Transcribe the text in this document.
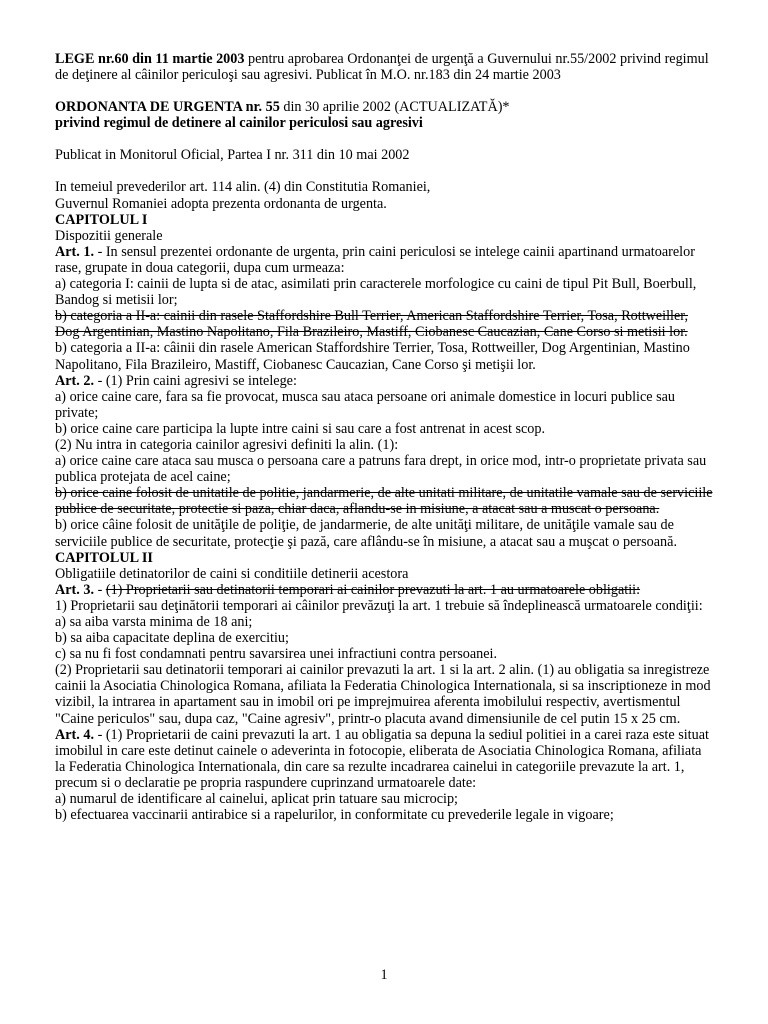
LEGE nr.60 din 11 martie 2003 pentru aprobarea Ordonanţei de urgenţă a Guvernului nr.55/2002 privind regimul de deţinere al câinilor periculoşi sau agresivi. Publicat în M.O. nr.183 din 24 martie 2003

ORDONANTA DE URGENTA nr. 55 din 30 aprilie 2002 (ACTUALIZATĂ)*

privind regimul de detinere al cainilor periculosi sau agresivi

Publicat in Monitorul Oficial, Partea I nr. 311 din 10 mai 2002

In temeiul prevederilor art. 114 alin. (4) din Constitutia Romaniei,

Guvernul Romaniei adopta prezenta ordonanta de urgenta.

CAPITOLUL I

Dispozitii generale

Art. 1. - In sensul prezentei ordonante de urgenta, prin caini periculosi se intelege cainii apartinand urmatoarelor rase, grupate in doua categorii, dupa cum urmeaza:

a) categoria I: cainii de lupta si de atac, asimilati prin caracterele morfologice cu caini de tipul Pit Bull, Boerbull, Bandog si metisii lor;

b) categoria a II-a: cainii din rasele Staffordshire Bull Terrier, American Staffordshire Terrier, Tosa, Rottweiller, Dog Argentinian, Mastino Napolitano, Fila Brazileiro, Mastiff, Ciobanesc Caucazian, Cane Corso si metisii lor.

b) categoria a II-a: câinii din rasele American Staffordshire Terrier, Tosa, Rottweiller, Dog Argentinian, Mastino Napolitano, Fila Brazileiro, Mastiff, Ciobanesc Caucazian, Cane Corso şi metişii lor.

Art. 2. - (1) Prin caini agresivi se intelege:

a) orice caine care, fara sa fie provocat, musca sau ataca persoane ori animale domestice in locuri publice sau private;

b) orice caine care participa la lupte intre caini si sau care a fost antrenat in acest scop.

(2) Nu intra in categoria cainilor agresivi definiti la alin. (1):

a) orice caine care ataca sau musca o persoana care a patruns fara drept, in orice mod, intr-o proprietate privata sau publica protejata de acel caine;

b) orice caine folosit de unitatile de politie, jandarmerie, de alte unitati militare, de unitatile vamale sau de serviciile publice de securitate, protectie si paza, chiar daca, aflandu-se in misiune, a atacat sau a muscat o persoana.

b) orice câine folosit de unităţile de poliţie, de jandarmerie, de alte unităţi militare, de unităţile vamale sau de serviciile publice de securitate, protecţie şi pază, care aflându-se în misiune, a atacat sau a muşcat o persoană.

CAPITOLUL II

Obligatiile detinatorilor de caini si conditiile detinerii acestora

Art. 3. - (1) Proprietarii sau detinatorii temporari ai cainilor prevazuti la art. 1 au urmatoarele obligatii:

1) Proprietarii sau deţinătorii temporari ai câinilor prevăzuţi la art. 1 trebuie să îndeplinească urmatoarele condiţii:

a) sa aiba varsta minima de 18 ani;

b) sa aiba capacitate deplina de exercitiu;

c) sa nu fi fost condamnati pentru savarsirea unei infractiuni contra persoanei.

(2) Proprietarii sau detinatorii temporari ai cainilor prevazuti la art. 1 si la art. 2 alin. (1) au obligatia sa inregistreze cainii la Asociatia Chinologica Romana, afiliata la Federatia Chinologica Internationala, si sa inscriptioneze in mod vizibil, la intrarea in apartament sau in imobil ori pe imprejmuirea aferenta imobilului respectiv, avertismentul "Caine periculos" sau, dupa caz, "Caine agresiv", printr-o placuta avand dimensiunile de cel putin 15 x 25 cm.

Art. 4. - (1) Proprietarii de caini prevazuti la art. 1 au obligatia sa depuna la sediul politiei in a carei raza este situat imobilul in care este detinut cainele o adeverinta in fotocopie, eliberata de Asociatia Chinologica Romana, afiliata la Federatia Chinologica Internationala, din care sa rezulte incadrarea cainelui in categoriile prevazute la art. 1, precum si o declaratie pe propria raspundere cuprinzand urmatoarele date:

a) numarul de identificare al cainelui, aplicat prin tatuare sau microcip;

b) efectuarea vaccinarii antirabice si a rapelurilor, in conformitate cu prevederile legale in vigoare;

1
